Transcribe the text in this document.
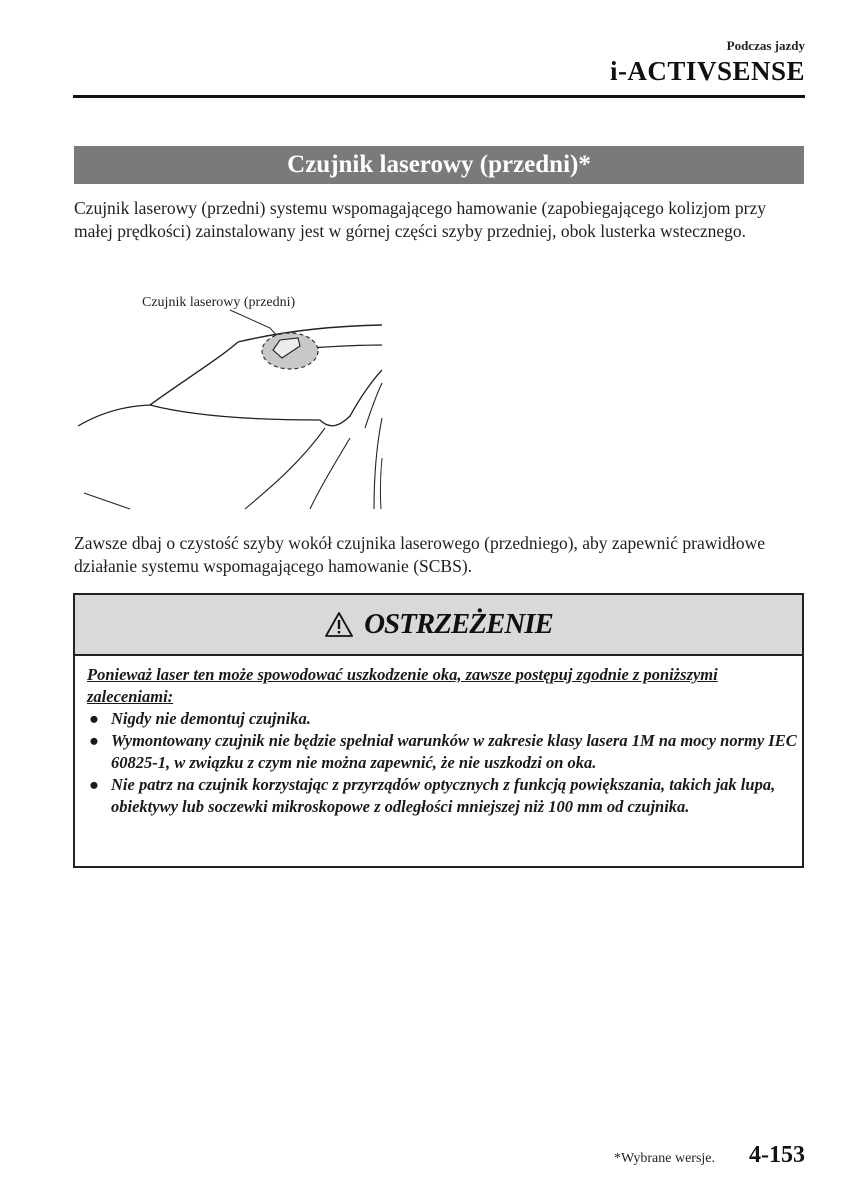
Podczas jazdy
i-ACTIVSENSE
Czujnik laserowy (przedni)*

Czujnik laserowy (przedni) systemu wspomagającego hamowanie (zapobiegającego kolizjom przy małej prędkości) zainstalowany jest w górnej części szyby przedniej, obok lusterka wstecznego.

Czujnik laserowy (przedni)

Zawsze dbaj o czystość szyby wokół czujnika laserowego (przedniego), aby zapewnić prawidłowe działanie systemu wspomagającego hamowanie (SCBS).

OSTRZEŻENIE
Ponieważ laser ten może spowodować uszkodzenie oka, zawsze postępuj zgodnie z poniższymi zaleceniami:
● Nigdy nie demontuj czujnika.
● Wymontowany czujnik nie będzie spełniał warunków w zakresie klasy lasera 1M na mocy normy IEC 60825-1, w związku z czym nie można zapewnić, że nie uszkodzi on oka.
● Nie patrz na czujnik korzystając z przyrządów optycznych z funkcją powiększania, takich jak lupa, obiektywy lub soczewki mikroskopowe z odległości mniejszej niż 100 mm od czujnika.
*Wybrane wersje. 4-153
